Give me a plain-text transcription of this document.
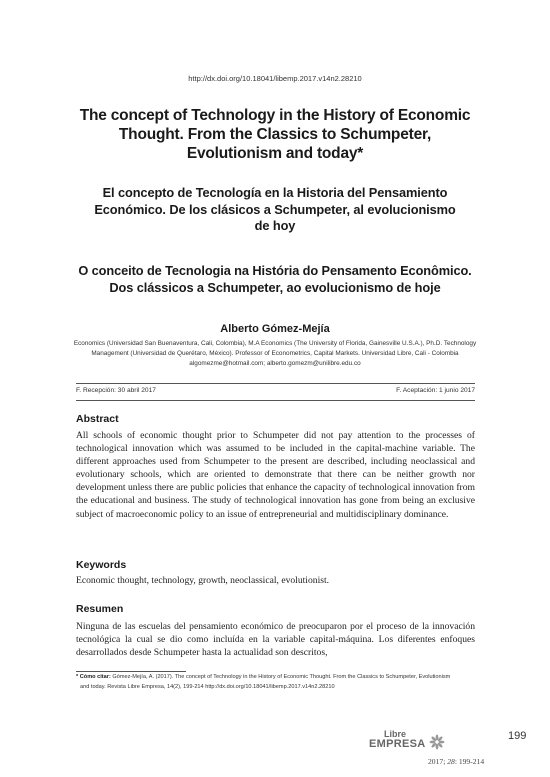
http://dx.doi.org/10.18041/libemp.2017.v14n2.28210
The concept of Technology in the History of Economic
Thought. From the Classics to Schumpeter,
Evolutionism and today*
El concepto de Tecnología en la Historia del Pensamiento
Económico. De los clásicos a Schumpeter, al evolucionismo
de hoy
O conceito de Tecnologia na História do Pensamento Econômico.
Dos clássicos a Schumpeter, ao evolucionismo de hoje
Alberto Gómez-Mejía
Economics (Universidad San Buenaventura, Cali, Colombia), M.A Economics (The University of Florida, Gainesville U.S.A.), Ph.D. Technology
Management (Universidad de Querétaro, México). Professor of Econometrics, Capital Markets. Universidad Libre, Cali - Colombia
algomezme@hotmail.com; alberto.gomezm@unilibre.edu.co
F. Recepción: 30 abril 2017	F. Aceptación: 1 junio 2017
Abstract
All schools of economic thought prior to Schumpeter did not pay attention to the processes of technological innovation which was assumed to be included in the capital-machine variable. The different approaches used from Schumpeter to the present are described, including neoclassical and evolutionary schools, which are oriented to demonstrate that there can be neither growth nor development unless there are public policies that enhance the capacity of technological innovation from the educational and business. The study of technological innovation has gone from being an exclusive subject of macroeconomic policy to an issue of entrepreneurial and multidisciplinary dominance.
Keywords
Economic thought, technology, growth, neoclassical, evolutionist.
Resumen
Ninguna de las escuelas del pensamiento económico de preocuparon por el proceso de la innovación tecnológica la cual se dio como incluída en la variable capital-máquina. Los diferentes enfoques desarrollados desde Schumpeter hasta la actualidad son descritos,
* Cómo citar: Gómez-Mejía, A. (2017). The concept of Technology in the History of Economic Thought. From the Classics to Schumpeter, Evolutionism
and today. Revista Libre Empresa, 14(2), 199-214 http://dx.doi.org/10.18041/libemp.2017.v14n2.28210
Libre
EMPRESA
2017; 28: 199-214
199
